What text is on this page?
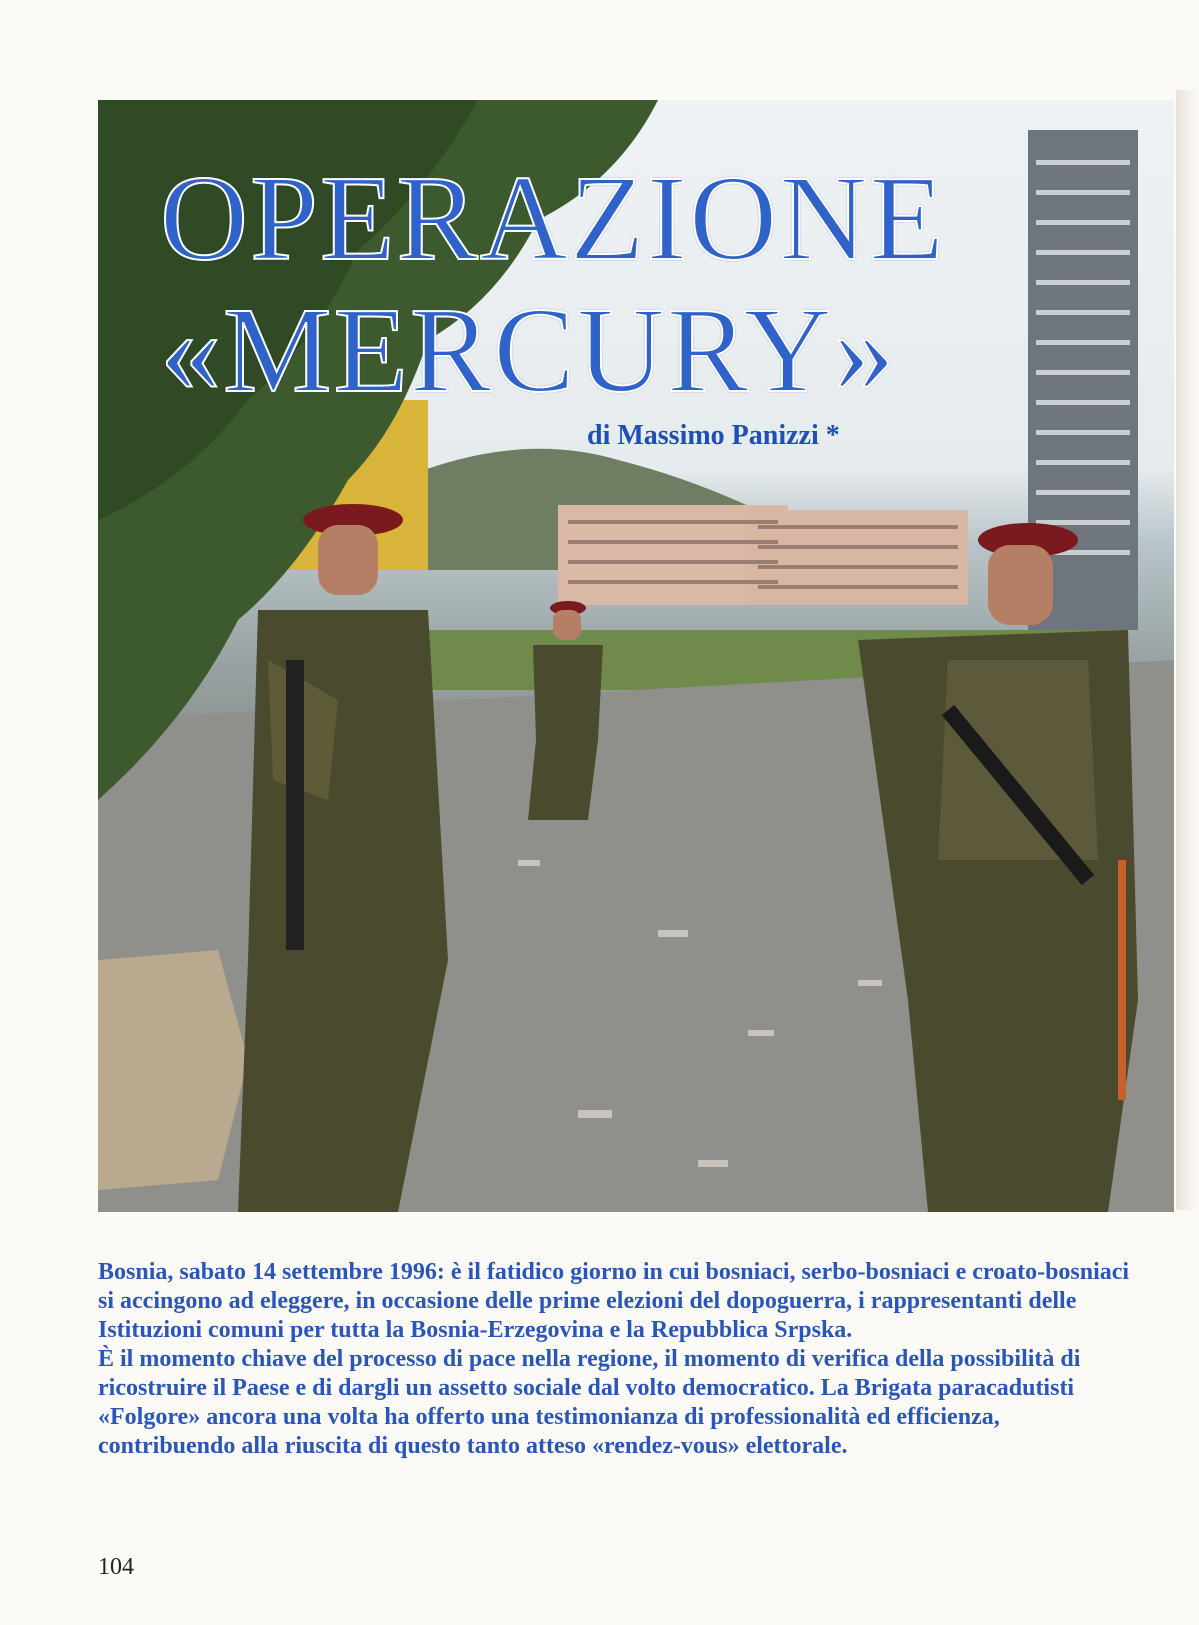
OPERAZIONE
«MERCURY»
di Massimo Panizzi *

Bosnia, sabato 14 settembre 1996: è il fatidico giorno in cui bosniaci, serbo-bosniaci e croato-bosniaci si accingono ad eleggere, in occasione delle prime elezioni del dopoguerra, i rappresentanti delle Istituzioni comuni per tutta la Bosnia-Erzegovina e la Repubblica Srpska.

È il momento chiave del processo di pace nella regione, il momento di verifica della possibilità di ricostruire il Paese e di dargli un assetto sociale dal volto democratico. La Brigata paracadutisti «Folgore» ancora una volta ha offerto una testimonianza di professionalità ed efficienza, contribuendo alla riuscita di questo tanto atteso «rendez-vous» elettorale.

104
